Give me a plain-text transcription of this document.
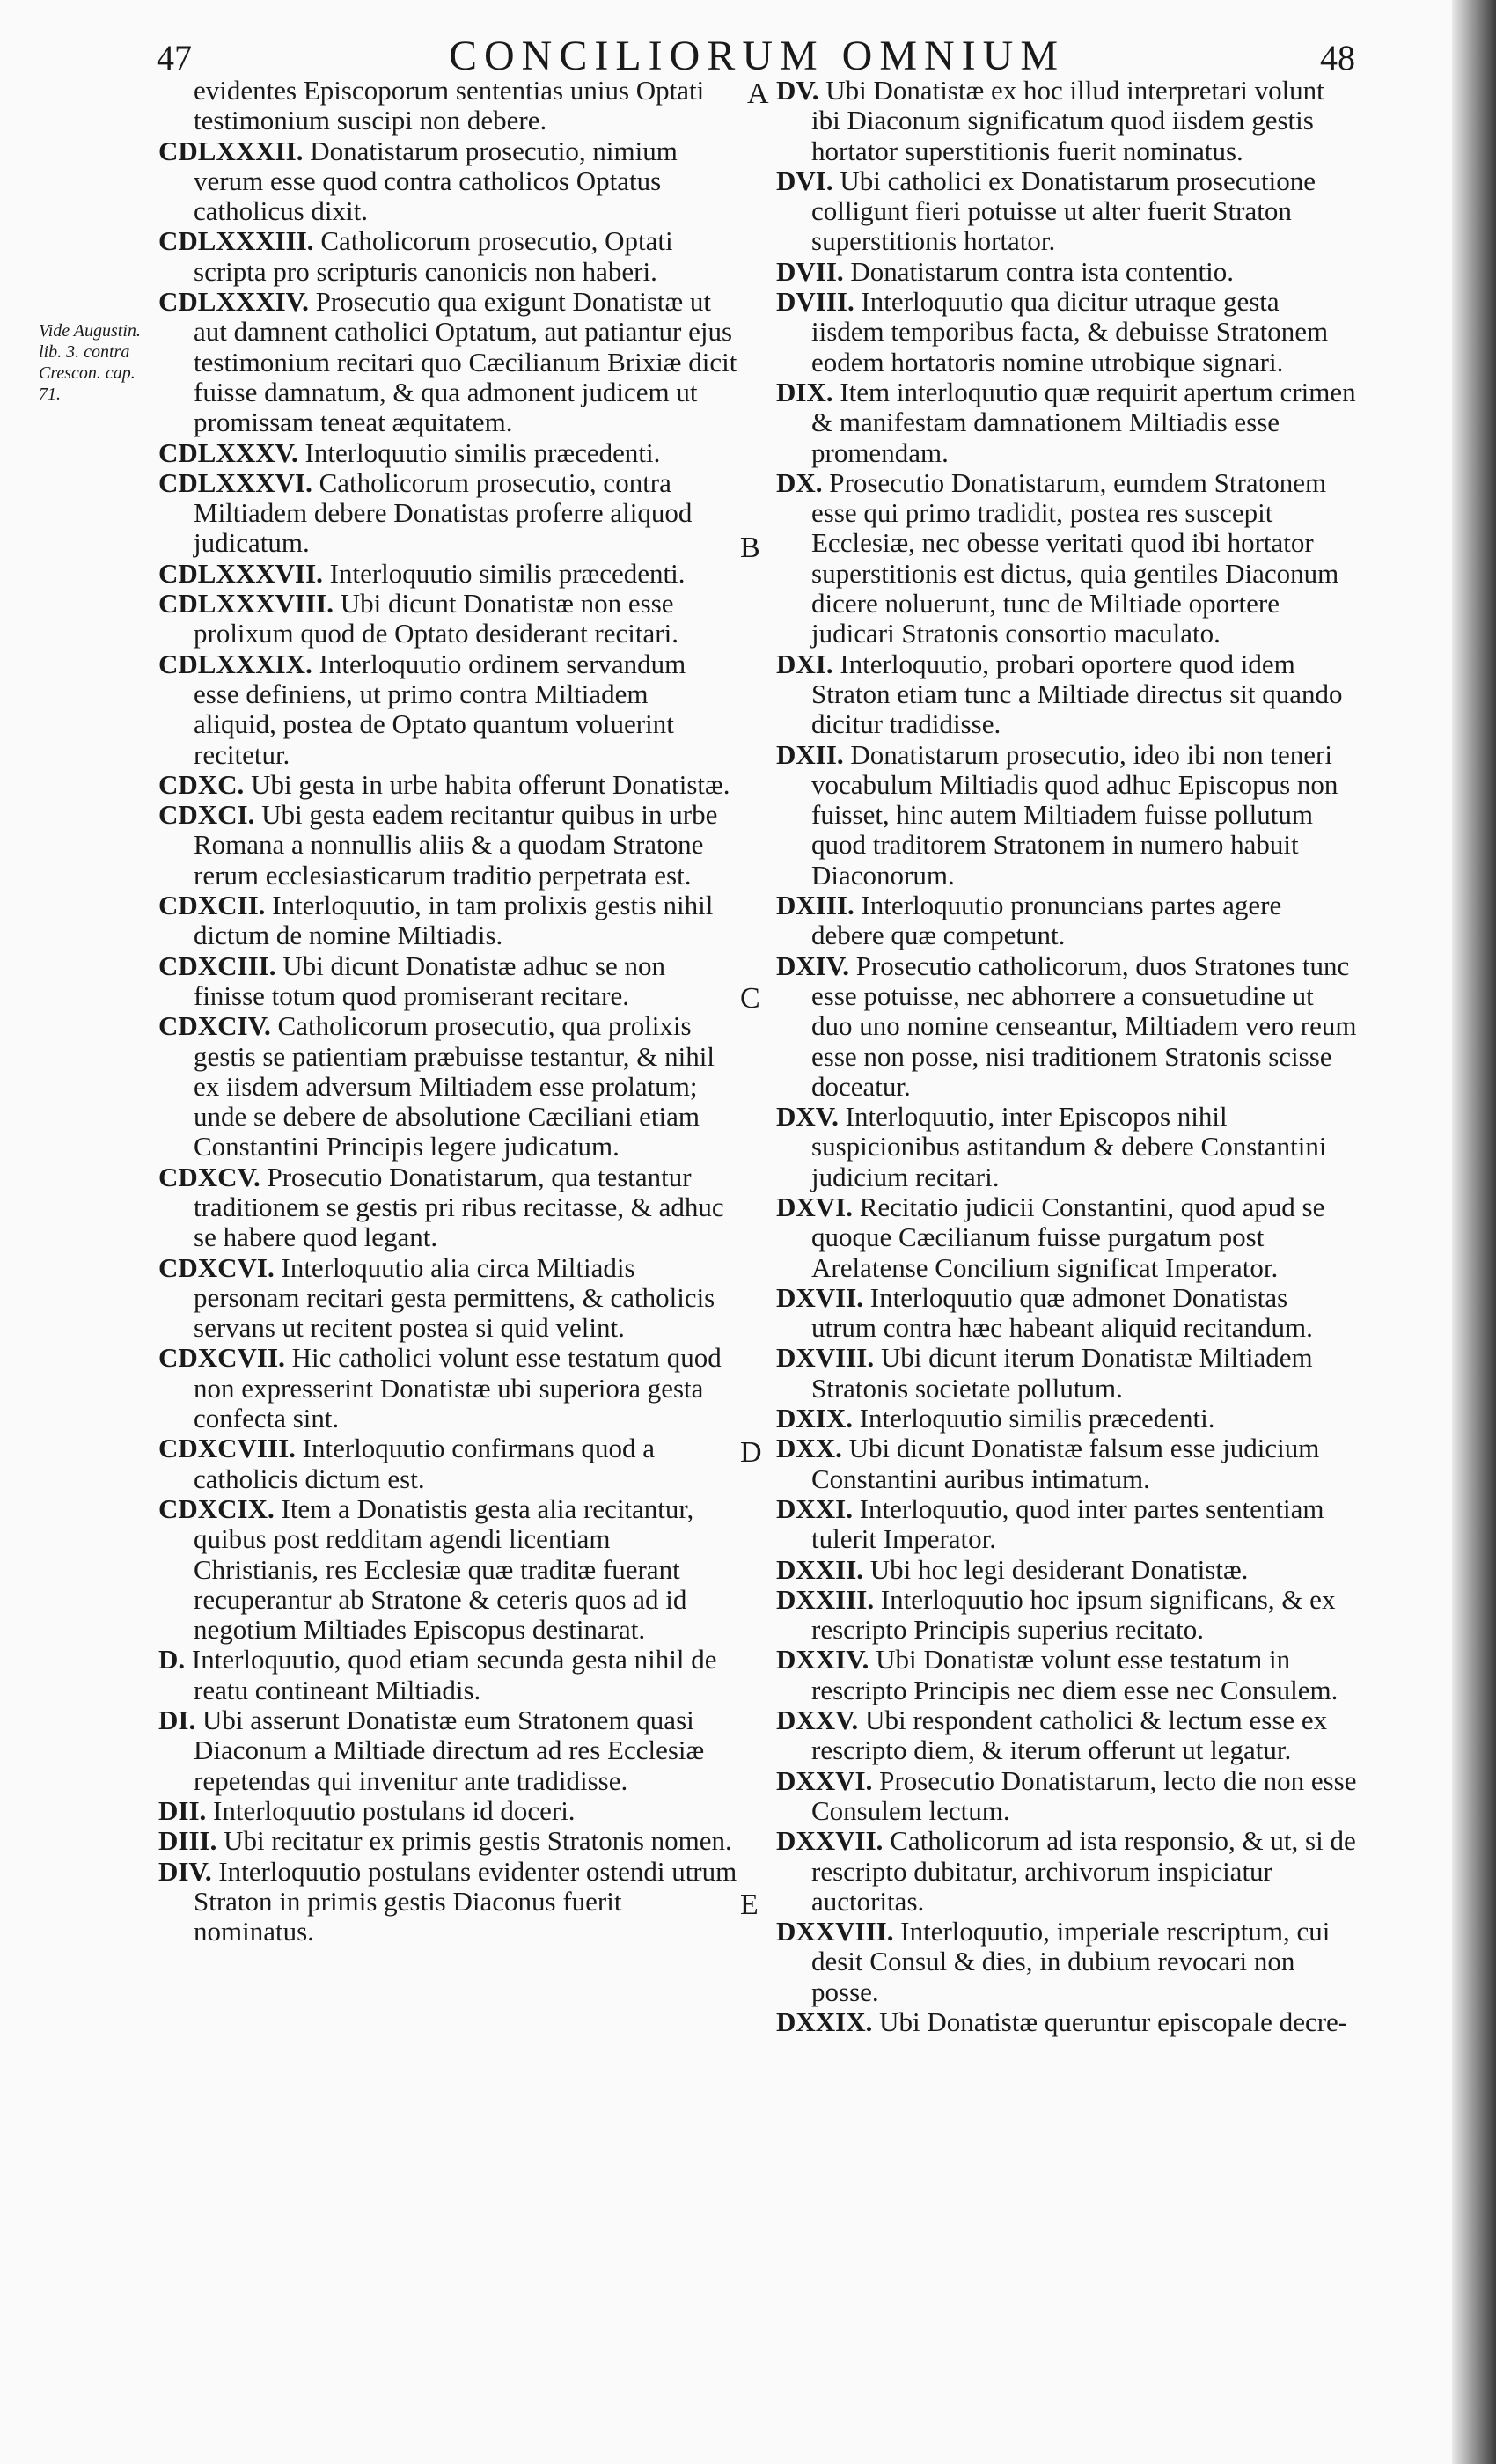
47	CONCILIORUM OMNIUM	48
Vide Augustin. lib. 3. contra Crescon. cap. 71.
A
B
C
D
E
evidentes Episcoporum sententias unius Optati testimonium suscipi non debere.
CDLXXXII. Donatistarum prosecutio, nimium verum esse quod contra catholicos Optatus catholicus dixit.
CDLXXXIII. Catholicorum prosecutio, Optati scripta pro scripturis canonicis non haberi.
CDLXXXIV. Prosecutio qua exigunt Donatistæ ut aut damnent catholici Optatum, aut patiantur ejus testimonium recitari quo Cæcilianum Brixiæ dicit fuisse damnatum, & qua admonent judicem ut promissam teneat æquitatem.
CDLXXXV. Interloquutio similis præcedenti.
CDLXXXVI. Catholicorum prosecutio, contra Miltiadem debere Donatistas proferre aliquod judicatum.
CDLXXXVII. Interloquutio similis præcedenti.
CDLXXXVIII. Ubi dicunt Donatistæ non esse prolixum quod de Optato desiderant recitari.
CDLXXXIX. Interloquutio ordinem servandum esse definiens, ut primo contra Miltiadem aliquid, postea de Optato quantum voluerint recitetur.
CDXC. Ubi gesta in urbe habita offerunt Donatistæ.
CDXCI. Ubi gesta eadem recitantur quibus in urbe Romana a nonnullis aliis & a quodam Stratone rerum ecclesiasticarum traditio perpetrata est.
CDXCII. Interloquutio, in tam prolixis gestis nihil dictum de nomine Miltiadis.
CDXCIII. Ubi dicunt Donatistæ adhuc se non finisse totum quod promiserant recitare.
CDXCIV. Catholicorum prosecutio, qua prolixis gestis se patientiam præbuisse testantur, & nihil ex iisdem adversum Miltiadem esse prolatum; unde se debere de absolutione Cæciliani etiam Constantini Principis legere judicatum.
CDXCV. Prosecutio Donatistarum, qua testantur traditionem se gestis pri ribus recitasse, & adhuc se habere quod legant.
CDXCVI. Interloquutio alia circa Miltiadis personam recitari gesta permittens, & catholicis servans ut recitent postea si quid velint.
CDXCVII. Hic catholici volunt esse testatum quod non expresserint Donatistæ ubi superiora gesta confecta sint.
CDXCVIII. Interloquutio confirmans quod a catholicis dictum est.
CDXCIX. Item a Donatistis gesta alia recitantur, quibus post redditam agendi licentiam Christianis, res Ecclesiæ quæ traditæ fuerant recuperantur ab Stratone & ceteris quos ad id negotium Miltiades Episcopus destinarat.
D. Interloquutio, quod etiam secunda gesta nihil de reatu contineant Miltiadis.
DI. Ubi asserunt Donatistæ eum Stratonem quasi Diaconum a Miltiade directum ad res Ecclesiæ repetendas qui invenitur ante tradidisse.
DII. Interloquutio postulans id doceri.
DIII. Ubi recitatur ex primis gestis Stratonis nomen.
DIV. Interloquutio postulans evidenter ostendi utrum Straton in primis gestis Diaconus fuerit nominatus.
DV. Ubi Donatistæ ex hoc illud interpretari volunt ibi Diaconum significatum quod iisdem gestis hortator superstitionis fuerit nominatus.
DVI. Ubi catholici ex Donatistarum prosecutione colligunt fieri potuisse ut alter fuerit Straton superstitionis hortator.
DVII. Donatistarum contra ista contentio.
DVIII. Interloquutio qua dicitur utraque gesta iisdem temporibus facta, & debuisse Stratonem eodem hortatoris nomine utrobique signari.
DIX. Item interloquutio quæ requirit apertum crimen & manifestam damnationem Miltiadis esse promendam.
DX. Prosecutio Donatistarum, eumdem Stratonem esse qui primo tradidit, postea res suscepit Ecclesiæ, nec obesse veritati quod ibi hortator superstitionis est dictus, quia gentiles Diaconum dicere noluerunt, tunc de Miltiade oportere judicari Stratonis consortio maculato.
DXI. Interloquutio, probari oportere quod idem Straton etiam tunc a Miltiade directus sit quando dicitur tradidisse.
DXII. Donatistarum prosecutio, ideo ibi non teneri vocabulum Miltiadis quod adhuc Episcopus non fuisset, hinc autem Miltiadem fuisse pollutum quod traditorem Stratonem in numero habuit Diaconorum.
DXIII. Interloquutio pronuncians partes agere debere quæ competunt.
DXIV. Prosecutio catholicorum, duos Stratones tunc esse potuisse, nec abhorrere a consuetudine ut duo uno nomine censeantur, Miltiadem vero reum esse non posse, nisi traditionem Stratonis scisse doceatur.
DXV. Interloquutio, inter Episcopos nihil suspicionibus astitandum & debere Constantini judicium recitari.
DXVI. Recitatio judicii Constantini, quod apud se quoque Cæcilianum fuisse purgatum post Arelatense Concilium significat Imperator.
DXVII. Interloquutio quæ admonet Donatistas utrum contra hæc habeant aliquid recitandum.
DXVIII. Ubi dicunt iterum Donatistæ Miltiadem Stratonis societate pollutum.
DXIX. Interloquutio similis præcedenti.
DXX. Ubi dicunt Donatistæ falsum esse judicium Constantini auribus intimatum.
DXXI. Interloquutio, quod inter partes sententiam tulerit Imperator.
DXXII. Ubi hoc legi desiderant Donatistæ.
DXXIII. Interloquutio hoc ipsum significans, & ex rescripto Principis superius recitato.
DXXIV. Ubi Donatistæ volunt esse testatum in rescripto Principis nec diem esse nec Consulem.
DXXV. Ubi respondent catholici & lectum esse ex rescripto diem, & iterum offerunt ut legatur.
DXXVI. Prosecutio Donatistarum, lecto die non esse Consulem lectum.
DXXVII. Catholicorum ad ista responsio, & ut, si de rescripto dubitatur, archivorum inspiciatur auctoritas.
DXXVIII. Interloquutio, imperiale rescriptum, cui desit Consul & dies, in dubium revocari non posse.
DXXIX. Ubi Donatistæ queruntur episcopale decre-
